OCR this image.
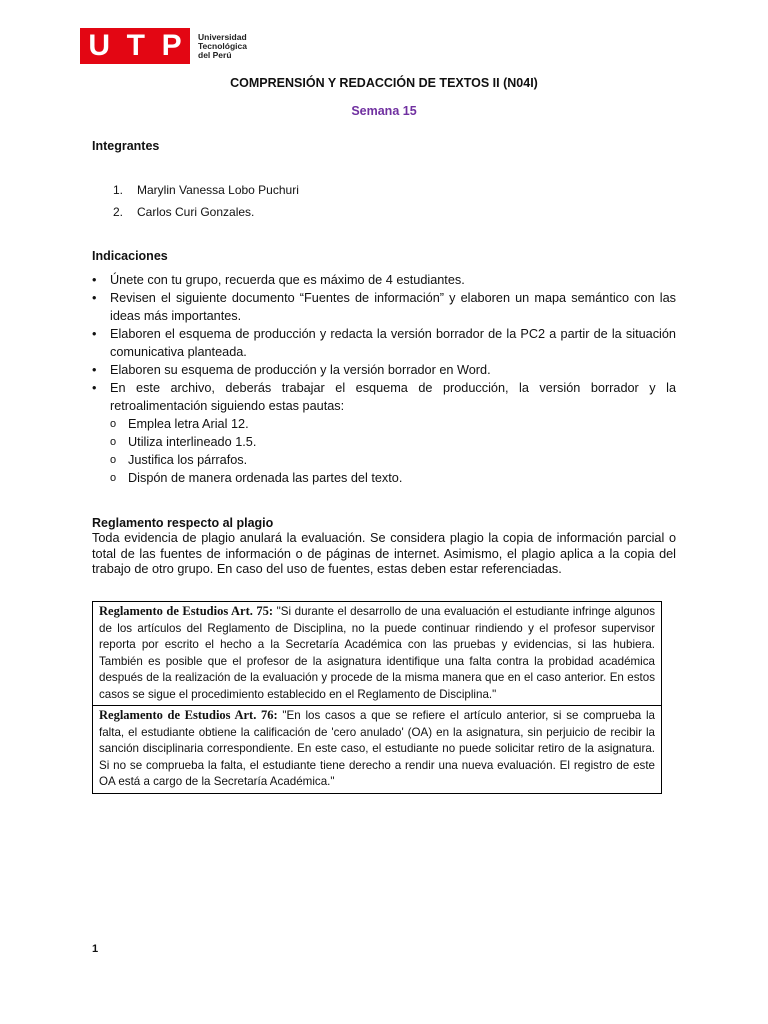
U T P Universidad
Tecnológica
del Perú
COMPRENSIÓN Y REDACCIÓN DE TEXTOS II (N04I)
Semana 15
Integrantes
1. Marylin Vanessa Lobo Puchuri
2. Carlos Curi Gonzales.
Indicaciones
•	Únete con tu grupo, recuerda que es máximo de 4 estudiantes.
•	Revisen el siguiente documento “Fuentes de información” y elaboren un mapa semántico con las ideas más importantes.
•	Elaboren el esquema de producción y redacta la versión borrador de la PC2 a partir de la situación comunicativa planteada.
•	Elaboren su esquema de producción y la versión borrador en Word.
•	En este archivo, deberás trabajar el esquema de producción, la versión borrador y la retroalimentación siguiendo estas pautas:
o Emplea letra Arial 12.
o Utiliza interlineado 1.5.
o Justifica los párrafos.
o Dispón de manera ordenada las partes del texto.
Reglamento respecto al plagio
Toda evidencia de plagio anulará la evaluación. Se considera plagio la copia de información parcial o total de las fuentes de información o de páginas de internet. Asimismo, el plagio aplica a la copia del trabajo de otro grupo. En caso del uso de fuentes, estas deben estar referenciadas.
Reglamento de Estudios Art. 75: "Si durante el desarrollo de una evaluación el estudiante infringe algunos de los artículos del Reglamento de Disciplina, no la puede continuar rindiendo y el profesor supervisor reporta por escrito el hecho a la Secretaría Académica con las pruebas y evidencias, si las hubiera. También es posible que el profesor de la asignatura identifique una falta contra la probidad académica después de la realización de la evaluación y procede de la misma manera que en el caso anterior. En estos casos se sigue el procedimiento establecido en el Reglamento de Disciplina."
Reglamento de Estudios Art. 76: "En los casos a que se refiere el artículo anterior, si se comprueba la falta, el estudiante obtiene la calificación de 'cero anulado' (OA) en la asignatura, sin perjuicio de recibir la sanción disciplinaria correspondiente. En este caso, el estudiante no puede solicitar retiro de la asignatura. Si no se comprueba la falta, el estudiante tiene derecho a rendir una nueva evaluación. El registro de este OA está a cargo de la Secretaría Académica."
1
